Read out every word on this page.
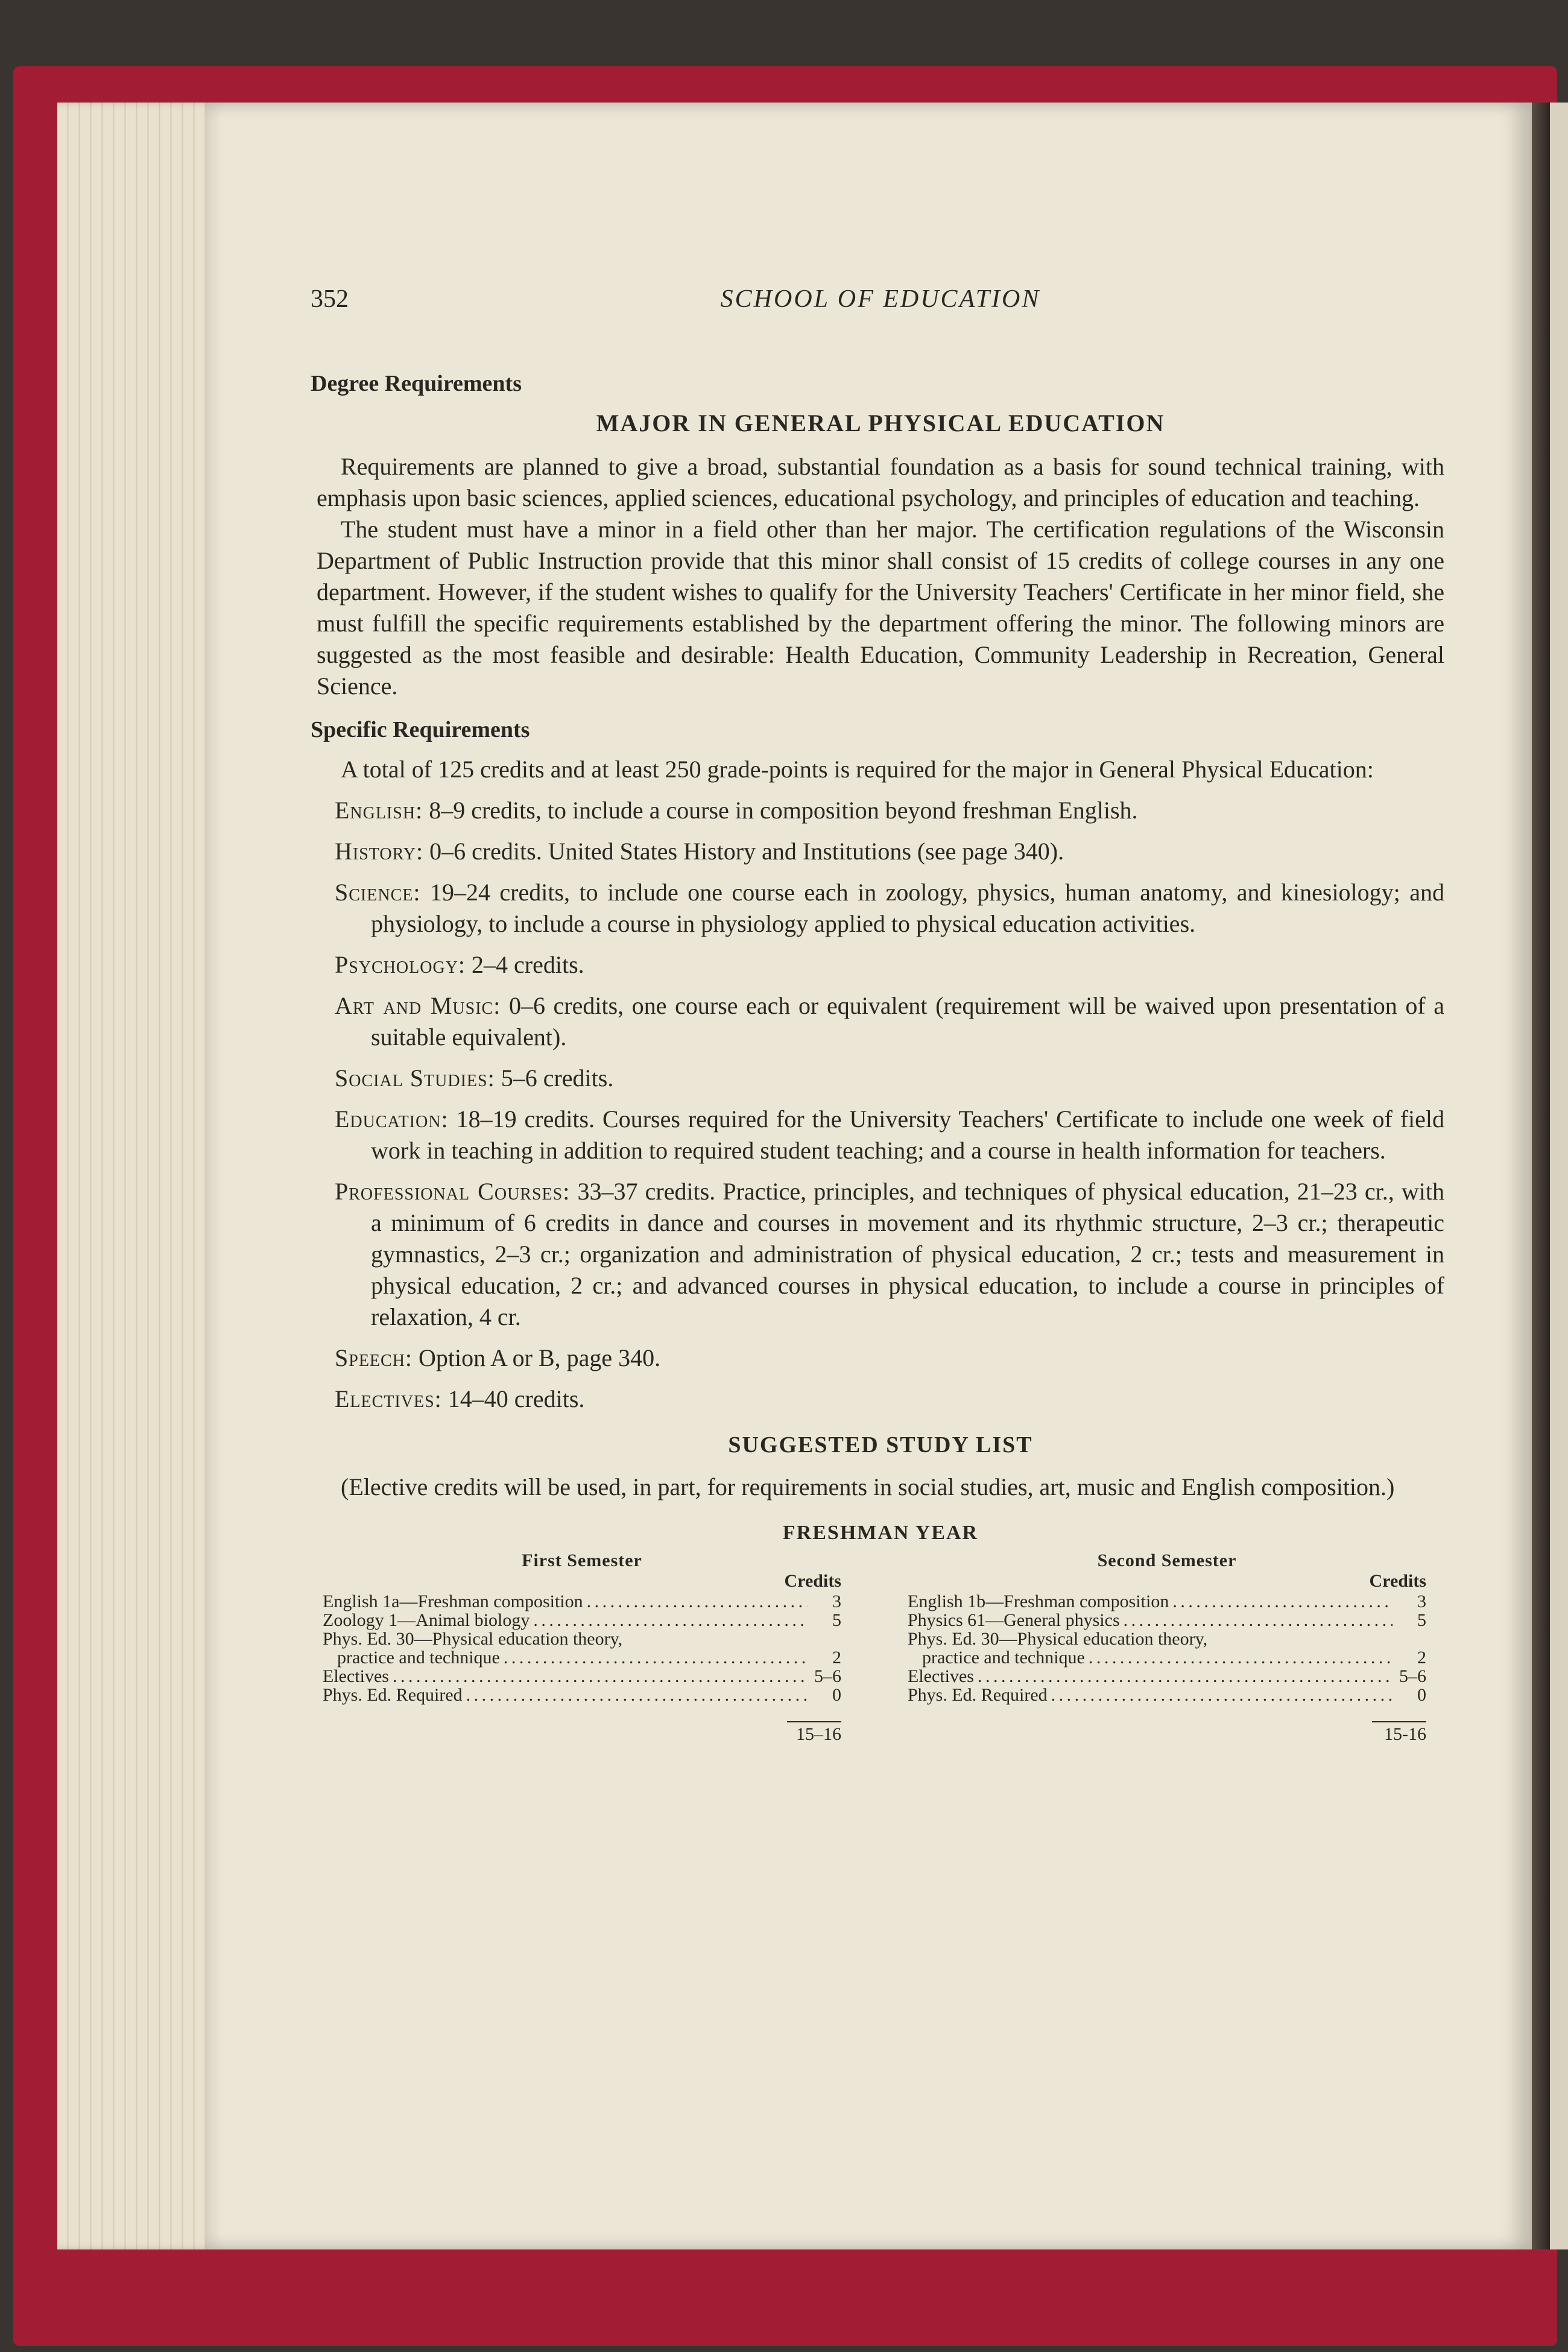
352	SCHOOL OF EDUCATION
Degree Requirements
MAJOR IN GENERAL PHYSICAL EDUCATION

Requirements are planned to give a broad, substantial foundation as a basis for sound technical training, with emphasis upon basic sciences, applied sciences, educational psychology, and principles of education and teaching.

The student must have a minor in a field other than her major. The certification regulations of the Wisconsin Department of Public Instruction provide that this minor shall consist of 15 credits of college courses in any one department. However, if the student wishes to qualify for the University Teachers' Certificate in her minor field, she must fulfill the specific requirements established by the department offering the minor. The following minors are suggested as the most feasible and desirable: Health Education, Community Leadership in Recreation, General Science.

Specific Requirements

A total of 125 credits and at least 250 grade-points is required for the major in General Physical Education:

English: 8–9 credits, to include a course in composition beyond freshman English.

History: 0–6 credits. United States History and Institutions (see page 340).

Science: 19–24 credits, to include one course each in zoology, physics, human anatomy, and kinesiology; and physiology, to include a course in physiology applied to physical education activities.

Psychology: 2–4 credits.

Art and Music: 0–6 credits, one course each or equivalent (requirement will be waived upon presentation of a suitable equivalent).

Social Studies: 5–6 credits.

Education: 18–19 credits. Courses required for the University Teachers' Certificate to include one week of field work in teaching in addition to required student teaching; and a course in health information for teachers.

Professional Courses: 33–37 credits. Practice, principles, and techniques of physical education, 21–23 cr., with a minimum of 6 credits in dance and courses in movement and its rhythmic structure, 2–3 cr.; therapeutic gymnastics, 2–3 cr.; organization and administration of physical education, 2 cr.; tests and measurement in physical education, 2 cr.; and advanced courses in physical education, to include a course in principles of relaxation, 4 cr.

Speech: Option A or B, page 340.

Electives: 14–40 credits.

SUGGESTED STUDY LIST

(Elective credits will be used, in part, for requirements in social studies, art, music and English composition.)

FRESHMAN YEAR
First Semester
Credits
English 1a—Freshman composition . . .	3
Zoology 1—Animal biology . . .	5
Phys. Ed. 30—Physical education theory,
practice and technique . . .	2
Electives . . .	5–6
Phys. Ed. Required . . .	0
15–16
Second Semester
Credits
English 1b—Freshman composition . . .	3
Physics 61—General physics . . .	5
Phys. Ed. 30—Physical education theory,
practice and technique . . .	2
Electives . . .	5–6
Phys. Ed. Required . . .	0
15-16
